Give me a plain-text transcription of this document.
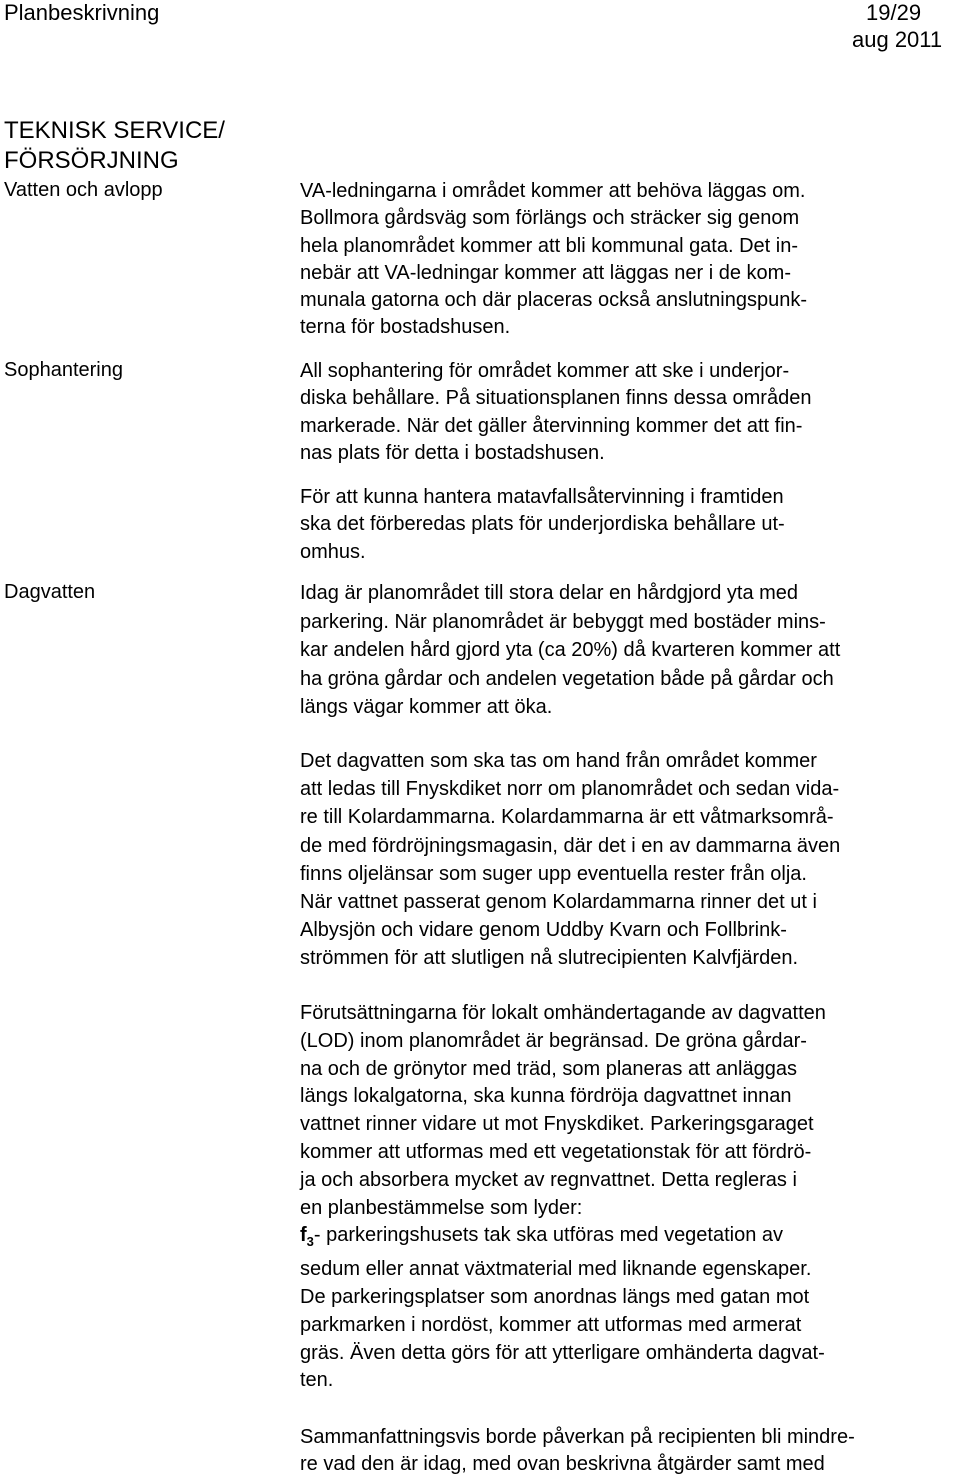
Planbeskrivning	19/29
aug 2011
TEKNISK SERVICE/
FÖRSÖRJNING
Vatten och avlopp
Sophantering
Dagvatten
VA-ledningarna i området kommer att behöva läggas om.
Bollmora gårdsväg som förlängs och sträcker sig genom
hela planområdet kommer att bli kommunal gata. Det in-
nebär att VA-ledningar kommer att läggas ner i de kom-
munala gatorna och där placeras också anslutningspunk-
terna för bostadshusen.
All sophantering för området kommer att ske i underjor-
diska behållare. På situationsplanen finns dessa områden
markerade. När det gäller återvinning kommer det att fin-
nas plats för detta i bostadshusen.
För att kunna hantera matavfallsåtervinning i framtiden
ska det förberedas plats för underjordiska behållare ut-
omhus.
Idag är planområdet till stora delar en hårdgjord yta med
parkering. När planområdet är bebyggt med bostäder mins-
kar andelen hård gjord yta (ca 20%) då kvarteren kommer att
ha gröna gårdar och andelen vegetation både på gårdar och
längs vägar kommer att öka.
Det dagvatten som ska tas om hand från området kommer
att ledas till Fnyskdiket norr om planområdet och sedan vida-
re till Kolardammarna. Kolardammarna är ett våtmarksområ-
de med fördröjningsmagasin, där det i en av dammarna även
finns oljelänsar som suger upp eventuella rester från olja.
När vattnet passerat genom Kolardammarna rinner det ut i
Albysjön och vidare genom Uddby Kvarn och Follbrink-
strömmen för att slutligen nå slutrecipienten Kalvfjärden.
Förutsättningarna för lokalt omhändertagande av dagvatten
(LOD) inom planområdet är begränsad. De gröna gårdar-
na och de grönytor med träd, som planeras att anläggas
längs lokalgatorna, ska kunna fördröja dagvattnet innan
vattnet rinner vidare ut mot Fnyskdiket. Parkeringsgaraget
kommer att utformas med ett vegetationstak för att fördrö-
ja och absorbera mycket av regnvattnet. Detta regleras i
en planbestämmelse som lyder:
$f_3-$ parkeringshusets tak ska utföras med vegetation av
sedum eller annat växtmaterial med liknande egenskaper.
De parkeringsplatser som anordnas längs med gatan mot
parkmarken i nordöst, kommer att utformas med armerat
gräs. Även detta görs för att ytterligare omhänderta dagvat-
ten.
Sammanfattningsvis borde påverkan på recipienten bli mindre-
re vad den är idag, med ovan beskrivna åtgärder samt med
